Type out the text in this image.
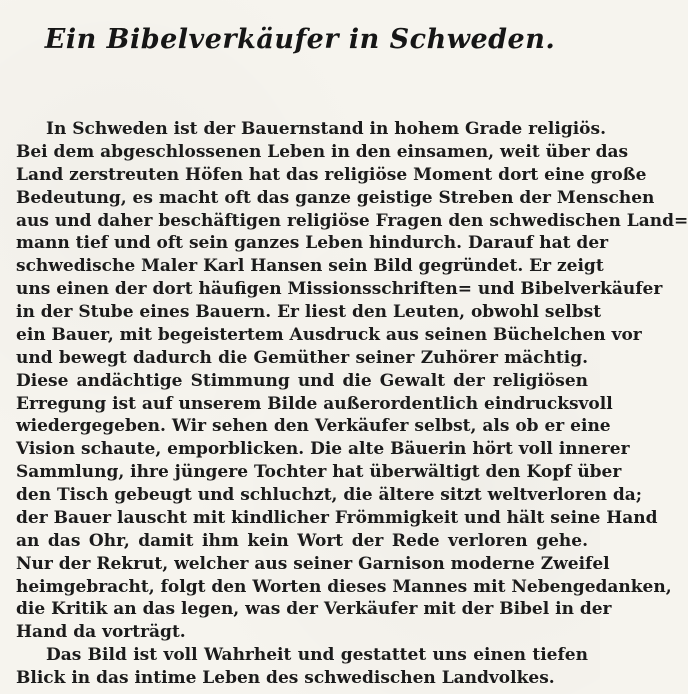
Ein Bibelverkäufer in Schweden.
In Schweden ist der Bauernstand in hohem Grade religiös.
Bei dem abgeschlossenen Leben in den einsamen, weit über das
Land zerstreuten Höfen hat das religiöse Moment dort eine große
Bedeutung, es macht oft das ganze geistige Streben der Menschen
aus und daher beschäftigen religiöse Fragen den schwedischen Land=
mann tief und oft sein ganzes Leben hindurch. Darauf hat der
schwedische Maler Karl Hansen sein Bild gegründet. Er zeigt
uns einen der dort häufigen Missionsschriften= und Bibelverkäufer
in der Stube eines Bauern. Er liest den Leuten, obwohl selbst
ein Bauer, mit begeistertem Ausdruck aus seinen Büchelchen vor
und bewegt dadurch die Gemüther seiner Zuhörer mächtig.
Diese andächtige Stimmung und die Gewalt der religiösen
Erregung ist auf unserem Bilde außerordentlich eindrucksvoll
wiedergegeben. Wir sehen den Verkäufer selbst, als ob er eine
Vision schaute, emporblicken. Die alte Bäuerin hört voll innerer
Sammlung, ihre jüngere Tochter hat überwältigt den Kopf über
den Tisch gebeugt und schluchzt, die ältere sitzt weltverloren da;
der Bauer lauscht mit kindlicher Frömmigkeit und hält seine Hand
an das Ohr, damit ihm kein Wort der Rede verloren gehe.
Nur der Rekrut, welcher aus seiner Garnison moderne Zweifel
heimgebracht, folgt den Worten dieses Mannes mit Nebengedanken,
die Kritik an das legen, was der Verkäufer mit der Bibel in der
Hand da vorträgt.
Das Bild ist voll Wahrheit und gestattet uns einen tiefen
Blick in das intime Leben des schwedischen Landvolkes.
